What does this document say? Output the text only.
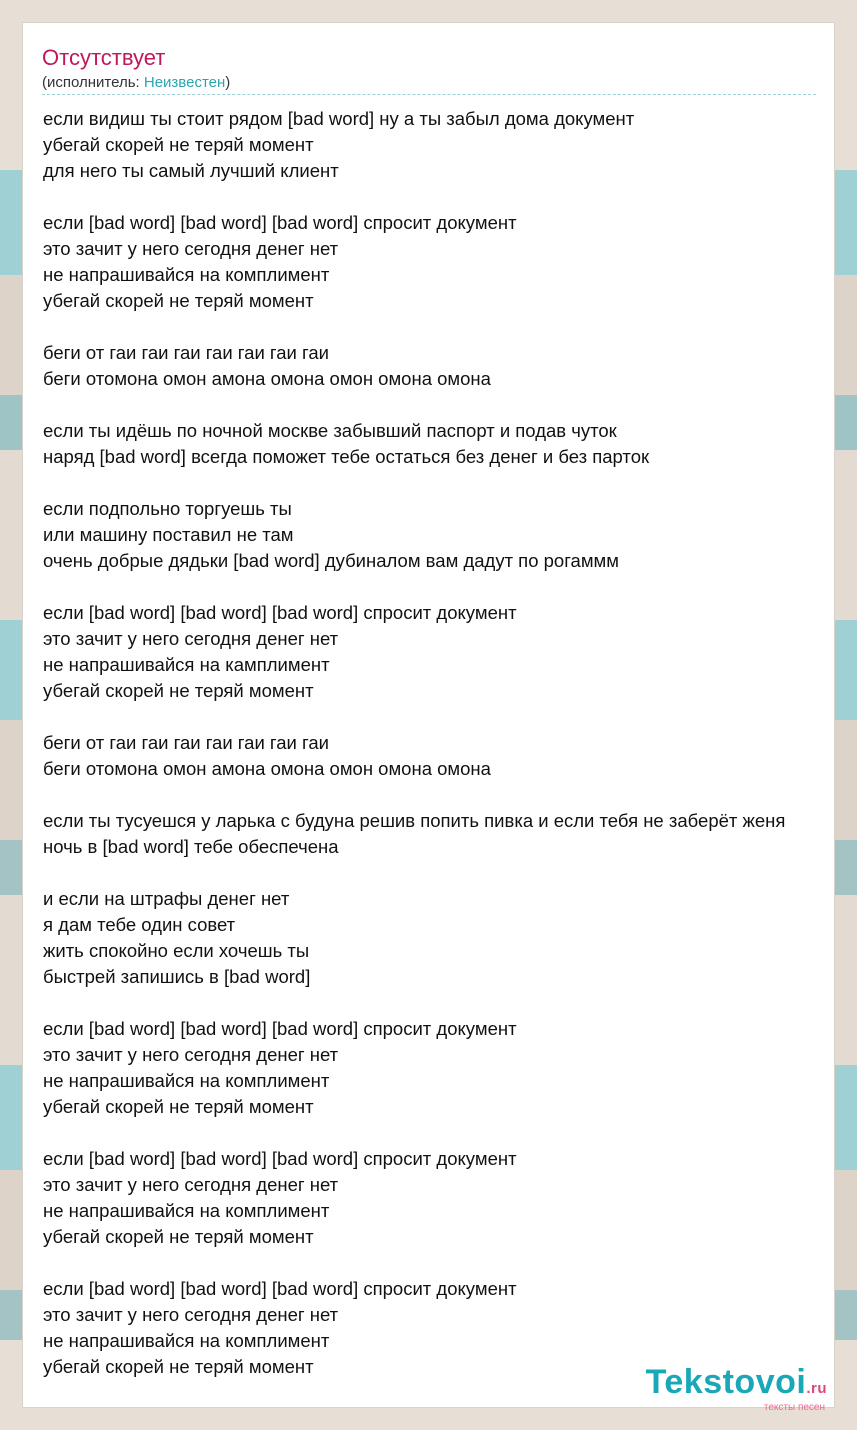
Отсутствует
(исполнитель: Неизвестен)
если видиш ты стоит рядом [bad word] ну а ты забыл дома документ
убегай скорей не теряй момент
для него ты самый лучший клиент
если [bad word] [bad word] [bad word] спросит документ
это зачит у него сегодня денег нет
не напрашивайся на комплимент
убегай скорей не теряй момент
беги от гаи гаи гаи гаи гаи гаи гаи
беги отомона омон амона омона омон омона омона
если ты идёшь по ночной москве забывший паспорт и подав чуток
наряд [bad word] всегда поможет тебе остаться без денег и без парток
если подпольно торгуешь ты
или машину поставил не там
очень добрые дядьки [bad word] дубиналом вам дадут по рогаммм
если [bad word] [bad word] [bad word] спросит документ
это зачит у него сегодня денег нет
не напрашивайся на камплимент
убегай скорей не теряй момент
беги от гаи гаи гаи гаи гаи гаи гаи
беги отомона омон амона омона омон омона омона
если ты тусуешся у ларька с будуна решив попить пивка и если тебя не заберёт женя
ночь в [bad word] тебе обеспечена
и если на штрафы денег нет
я дам тебе один совет
жить спокойно если хочешь ты
быстрей запишись в [bad word]
если [bad word] [bad word] [bad word] спросит документ
это зачит у него сегодня денег нет
не напрашивайся на комплимент
убегай скорей не теряй момент
если [bad word] [bad word] [bad word] спросит документ
это зачит у него сегодня денег нет
не напрашивайся на комплимент
убегай скорей не теряй момент
если [bad word] [bad word] [bad word] спросит документ
это зачит у него сегодня денег нет
не напрашивайся на комплимент
убегай скорей не теряй момент	Tekstovoi.ru
тексты песен
